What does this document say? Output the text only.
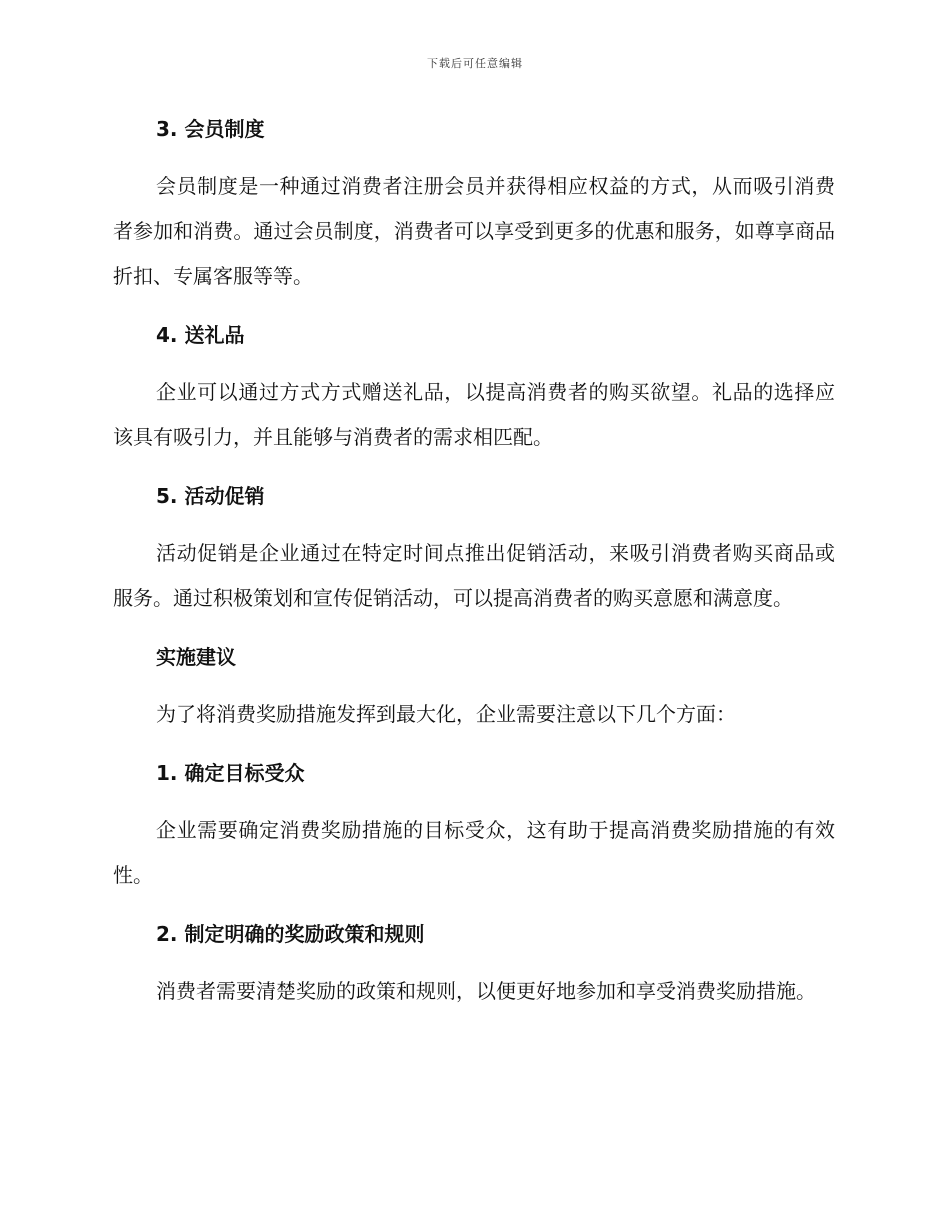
下载后可任意编辑
3. 会员制度

会员制度是一种通过消费者注册会员并获得相应权益的方式，从而吸引消费者参加和消费。通过会员制度，消费者可以享受到更多的优惠和服务，如尊享商品折扣、专属客服等等。

4. 送礼品

企业可以通过方式方式赠送礼品，以提高消费者的购买欲望。礼品的选择应该具有吸引力，并且能够与消费者的需求相匹配。

5. 活动促销

活动促销是企业通过在特定时间点推出促销活动，来吸引消费者购买商品或服务。通过积极策划和宣传促销活动，可以提高消费者的购买意愿和满意度。

实施建议

为了将消费奖励措施发挥到最大化，企业需要注意以下几个方面：

1. 确定目标受众

企业需要确定消费奖励措施的目标受众，这有助于提高消费奖励措施的有效性。

2. 制定明确的奖励政策和规则

消费者需要清楚奖励的政策和规则，以便更好地参加和享受消费奖励措施。
